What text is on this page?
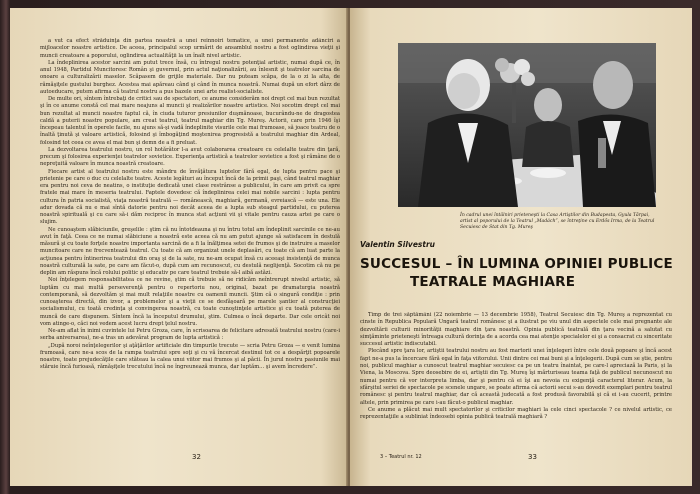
a vut ca efect străduinţa din partea noastră a unei reînnoiri tematice, a unei permanente adânciri a mijloacelor noastre artistice. De aceea, principalul scop urmărit de ansamblul nostru a fost oglindirea vieţii şi muncii creatoare a poporului, oglindirea actualităţii la un înalt nivel artistic.

La îndeplinirea acestor sarcini am putut trece însă, cu întregul nostru potenţial artistic, numai după ce, în anul 1948, Partidul Muncitoresc Român şi guvernul, prin actul naţionalizării, au înlesnit şi teatrelor sarcina de onoare a culturalizării maselor. Scăpasem de grijile materiale. Dar nu puteam scăpa, de la o zi la alta, de rămăşiţele gustului burghez. Acestea mai apăreau când şi când în munca noastră. Numai după un efort dârz de autoeducare, putem afirma că teatrul nostru a pus bazele unei arte realist-socialiste.

De multe ori, sîntem întrebaţi de critici sau de spectatori, ce anume considerăm noi drept cel mai bun rezultat şi în ce anume constă cel mai mare neajuns al muncii şi realizărilor noastre artistice. Noi socotim drept cel mai bun rezultat al muncii noastre faptul că, în ciuda tuturor presiunilor duşmănoase, bucurându-ne de dragostea caldă a puterii noastre populare, am creat teatrul, teatrul maghiar din Tg. Mureş. Actorii, care prin 1946 îşi începeau talentul în operele facile, nu ajuns să-şi vadă îndeplinite visurile cele mai frumoase, să joace teatru de o înaltă ţinută şi valoare artistică, folosind şi îmbogăţind moştenirea progresistă a teatrului maghiar din Ardeal, folosind tot ceea ce avea el mai bun şi demn de a fi preluat.

La dezvoltarea teatrului nostru, un rol hotărâtor l-a avut colaborarea creatoare cu celelalte teatre din ţară, precum şi folosirea experienţei teatrelor sovietice. Experienţa artistică a teatrelor sovietice a fost şi rămâne de o nepreţuită valoare în munca noastră creatoare.

Fiecare artist al teatrului nostru este mândru de învăţătura luptelor fără egal, de lupta pentru pace şi prietenie pe care o duc cu celelalte teatre. Aceste legături au început încă de la primii paşi, când teatrul maghiar era pentru noi ceva de neatins, o instituţie dedicată unei clase restrânse a publicului, în care am privit ca spre fratele mai mare în meseria teatrului. Faptele dovedesc că îndeplinirea celei mai nobile sarcini : lupta pentru cultura în patria socialistă, viaţa noastră teatrală — românească, maghiară, germană, evreiască — este una. Ele adur dovada că nu e mai sîntă datorie pentru noi decât aceea de a lupta sub steagul partidului, cu puterea noastră spirituală şi cu care să-i dăm reciproc în munca stat acţiuni vii şi vitale pentru cauza artei pe care o slujim.

Ne cunoaştem slăbiciunile, greşelile : ştim că nu întotdeauna şi nu întru totul am îndeplinit sarcinile ce ne-au avut în faţă. Ceea ce ne numai slăbiciune a noastră este aceea că nu am putut ajunge să satisfacem în destulă măsură şi cu toate forţele noastre importanta sarcină de a fi la înălţimea setei de frumos şi de instruire a maselor muncitoare care ne frecventează teatrul. Cu toate că am organizat unele deplasări, cu toate că am luat parte la acţiunea pentru întinerirea teatrului din oraş şi de la sate, nu ne-am ocupat însă cu aceeaşi insistenţă de munca noastră culturală la sate, pe care am făcut-o, după cum am recunoscut, cu destulă neglijenţă. Socotim că nu pe deplin am răspuns încă rolului politic şi educativ pe care teatrul trebuie să-l aibă astăzi.

Noi înţelegem responsabilitatea ce ne revine, ştim că trebuie să ne ridicăm neîntrerupt nivelul artistic, să luptăm cu mai multă perseverenţă pentru o repertoriu nou, original, bazat pe dramaturgia noastră contemporană, să dezvoltăm şi mai mult relaţiile noastre cu oamenii muncii. Ştim că o singură condiţie : prin cunoaşterea directă, din izvor, a problemelor şi a vieţii ce se desfăşoară pe marele şantier al construcţiei socialismului, cu toată credinţa şi convingerea noastră, cu toate cunoştinţele artistice şi cu toată puterea de muncă de care dispunem. Sîntem încă la începutul drumului, ştim. Culmea o încă departe. Dar cele oricât noi vom atinge-o, căci noi vedem acest lucru drept ţelul nostru.

Ne-am aflat în inimi cuvintele lui Petru Groza, care, în scrisoarea de felicitare adresată teatrului nostru (care-i serba aniversarea), ne-a tras un adevărat program de lupta artistică :

„După noroi neînţelegerilor şi aţâţărilor artificiale din timpurile trecute — scria Petru Groza — e venit lumina frumoasă, care ne-a scos de la rampa teatrului spre soţi şi cu vă încercat destinul tot ce a despărţit popoarele noastre, toate prejudecăţile care stăteau la calea unui viitor mai frumos şi al păcii. În jurul nostru pasiunile mai stăruie încă furioasă, rămăşiţele trecutului încă ne îngreunează munca, dar luptăm... şi avem încredere”.

32
În cadrul unei întâlniri prieteneşti la Casa Artiştilor din Budapesta, Gyula Tărpai, artist al poporului de la Teatrul „Madách”, se întreţine cu Erdős Irma, de la Teatrul Secuiesc de Stat din Tg. Mureş
Valentin Silvestru
SUCCESUL – ÎN LUMINA OPINIEI PUBLICE
TEATRALE MAGHIARE

Timp de trei săptămâni (22 noiembrie — 13 decembrie 1958), Teatrul Secuiesc din Tg. Mureş a reprezentat cu cinste în Republica Populară Ungară teatrul românesc şi a ilustrat pe viu unul din aspectele cele mai pregnante ale dezvoltării culturii minorităţii maghiare din ţara noastră. Opinia publică teatrală din ţara vecină a salutat cu simţăminte prieteneşti întreaga cultură dorinţa de a acorda cea mai atenţie specialelor ei şi a consacrat cu sinceritate succesul artistic indiscutabil.

Plecând spre ţara lor, artiştii teatrului nostru au fost martorii unei înţelegeri între cele două popoare şi încă acest fapt ne-a pus la încercare fără egal în faţa viitorului. Unii dintre cei mai buni şi a înţelegerii. După cum se ştie, pentru noi, publicul maghiar a cunoscut teatrul maghiar secuiesc ca pe un teatru înaintat, pe care-l apreciază la Paris, și la Viena, la Moscova. Spre deosebire de ei, artiştii din Tg. Mureş îşi mărturiseau teama faţă de publicul necunoscut nu numai pentru că vor interpreta limba, dar şi pentru că ei îşi au nevoia cu exigenţă caracterul literar. Acum, la sfârşitul seriei de spectacole pe scenele ungare, se poate afirma că actorii secui s-au dovedit exemplari pentru teatrul românesc şi pentru teatrul maghiar, dar că aceastã judecată a fost produsă favorabilă şi că ei i-au cucerit, printre altele, prin primirea pe care i-au făcut-o publicul maghiar.

Ce anume a plăcut mai mult spectatorilor şi criticilor maghiari la cele cinci spectacole ? ce nivelul artistic, ce reprezentaţiile a subliniat îndeosebi opinia publică teatrală maghiară ?

3 – Teatrul nr. 12	33
